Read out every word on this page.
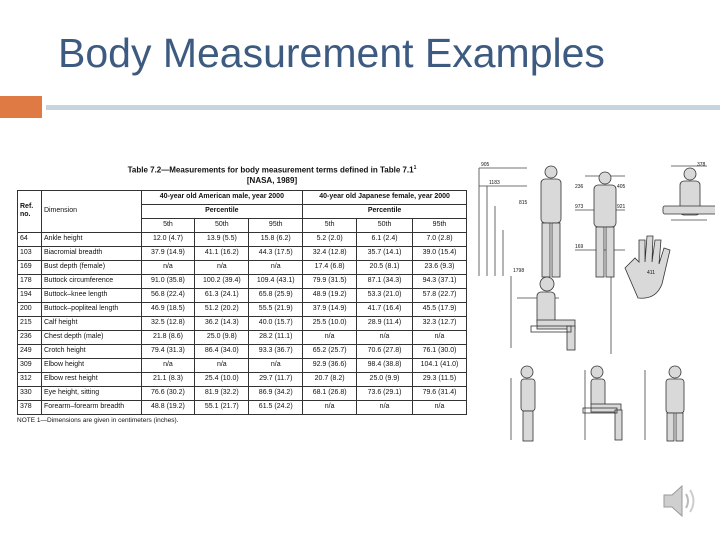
Body Measurement Examples
Table 7.2—Measurements for body measurement terms defined in Table $7.1^1$
[NASA, 1989]
Ref. no.	Dimension	40-year old American male, year 2000			40-year old Japanese female, year 2000		
		Percentile			Percentile		
		5th	50th	95th	5th	50th	95th
64	Ankle height	12.0 (4.7)	13.9 (5.5)	15.8 (6.2)	5.2 (2.0)	6.1 (2.4)	7.0 (2.8)
103	Biacromial breadth	37.9 (14.9)	41.1 (16.2)	44.3 (17.5)	32.4 (12.8)	35.7 (14.1)	39.0 (15.4)
169	Bust depth (female)	n/a	n/a	n/a	17.4 (6.8)	20.5 (8.1)	23.6 (9.3)
178	Buttock circumference	91.0 (35.8)	100.2 (39.4)	109.4 (43.1)	79.9 (31.5)	87.1 (34.3)	94.3 (37.1)
194	Buttock–knee length	56.8 (22.4)	61.3 (24.1)	65.8 (25.9)	48.9 (19.2)	53.3 (21.0)	57.8 (22.7)
200	Buttock–popliteal length	46.9 (18.5)	51.2 (20.2)	55.5 (21.9)	37.9 (14.9)	41.7 (16.4)	45.5 (17.9)
215	Calf height	32.5 (12.8)	36.2 (14.3)	40.0 (15.7)	25.5 (10.0)	28.9 (11.4)	32.3 (12.7)
236	Chest depth (male)	21.8 (8.6)	25.0 (9.8)	28.2 (11.1)	n/a	n/a	n/a
249	Crotch height	79.4 (31.3)	86.4 (34.0)	93.3 (36.7)	65.2 (25.7)	70.6 (27.8)	76.1 (30.0)
309	Elbow height	n/a	n/a	n/a	92.9 (36.6)	98.4 (38.8)	104.1 (41.0)
312	Elbow rest height	21.1 (8.3)	25.4 (10.0)	29.7 (11.7)	20.7 (8.2)	25.0 (9.9)	29.3 (11.5)
330	Eye height, sitting	76.6 (30.2)	81.9 (32.2)	86.9 (34.2)	68.1 (26.8)	73.6 (29.1)	79.6 (31.4)
378	Forearm–forearm breadth	48.8 (19.2)	55.1 (21.7)	61.5 (24.2)	n/a	n/a	n/a
NOTE 1—Dimensions are given in centimeters (inches).
905
1183
815
236
973
405
921
169
378
1798	411
